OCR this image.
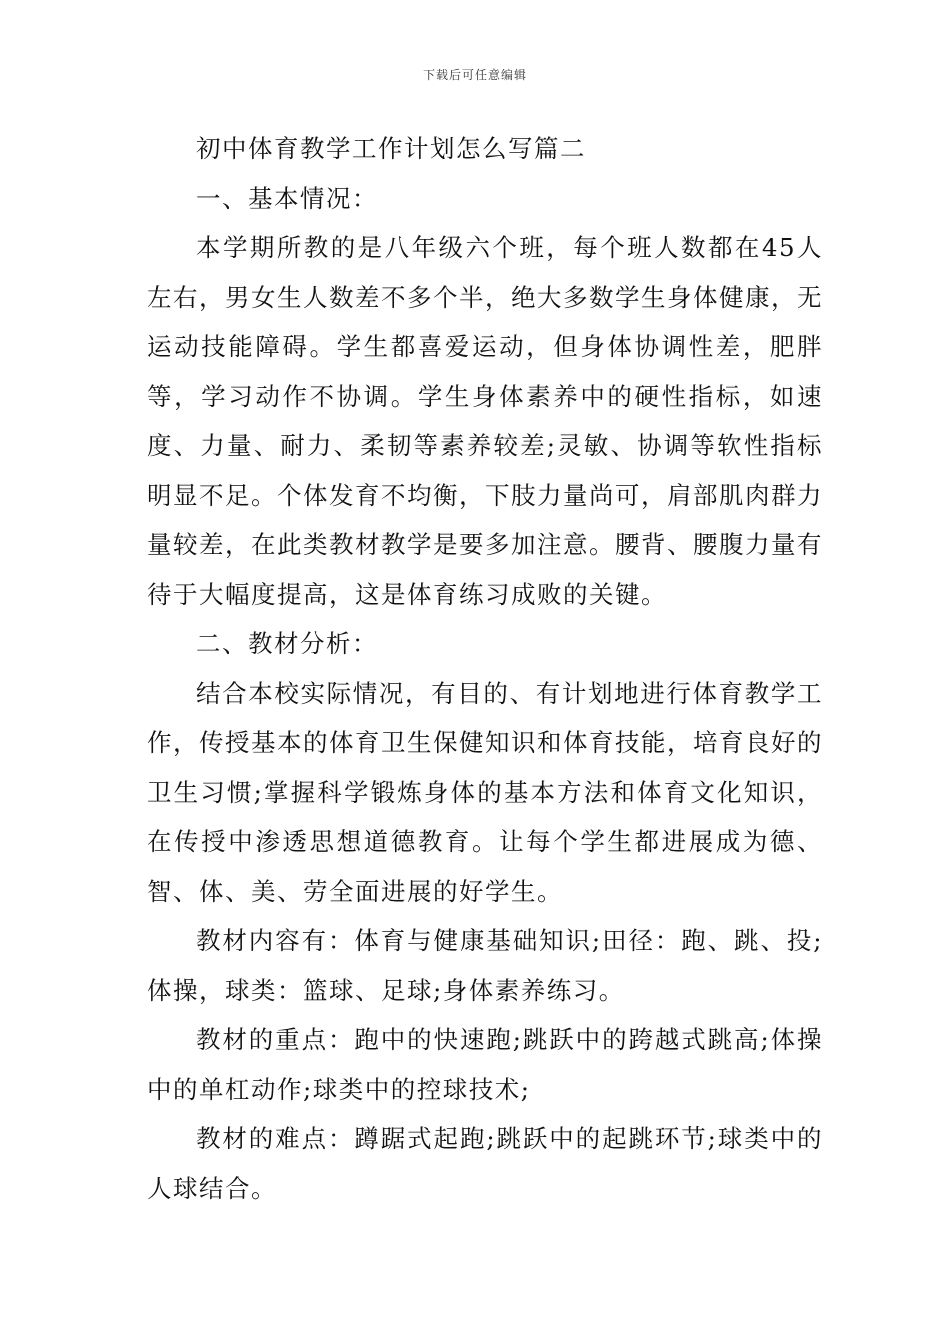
下载后可任意编辑

初中体育教学工作计划怎么写篇二

一、基本情况：

本学期所教的是八年级六个班，每个班人数都在45人左右，男女生人数差不多个半，绝大多数学生身体健康，无运动技能障碍。学生都喜爱运动，但身体协调性差，肥胖等，学习动作不协调。学生身体素养中的硬性指标，如速度、力量、耐力、柔韧等素养较差;灵敏、协调等软性指标明显不足。个体发育不均衡，下肢力量尚可，肩部肌肉群力量较差，在此类教材教学是要多加注意。腰背、腰腹力量有待于大幅度提高，这是体育练习成败的关键。

二、教材分析：

结合本校实际情况，有目的、有计划地进行体育教学工作，传授基本的体育卫生保健知识和体育技能，培育良好的卫生习惯;掌握科学锻炼身体的基本方法和体育文化知识，在传授中渗透思想道德教育。让每个学生都进展成为德、智、体、美、劳全面进展的好学生。

教材内容有：体育与健康基础知识;田径：跑、跳、投;体操，球类：篮球、足球;身体素养练习。

教材的重点：跑中的快速跑;跳跃中的跨越式跳高;体操中的单杠动作;球类中的控球技术;

教材的难点：蹲踞式起跑;跳跃中的起跳环节;球类中的人球结合。
